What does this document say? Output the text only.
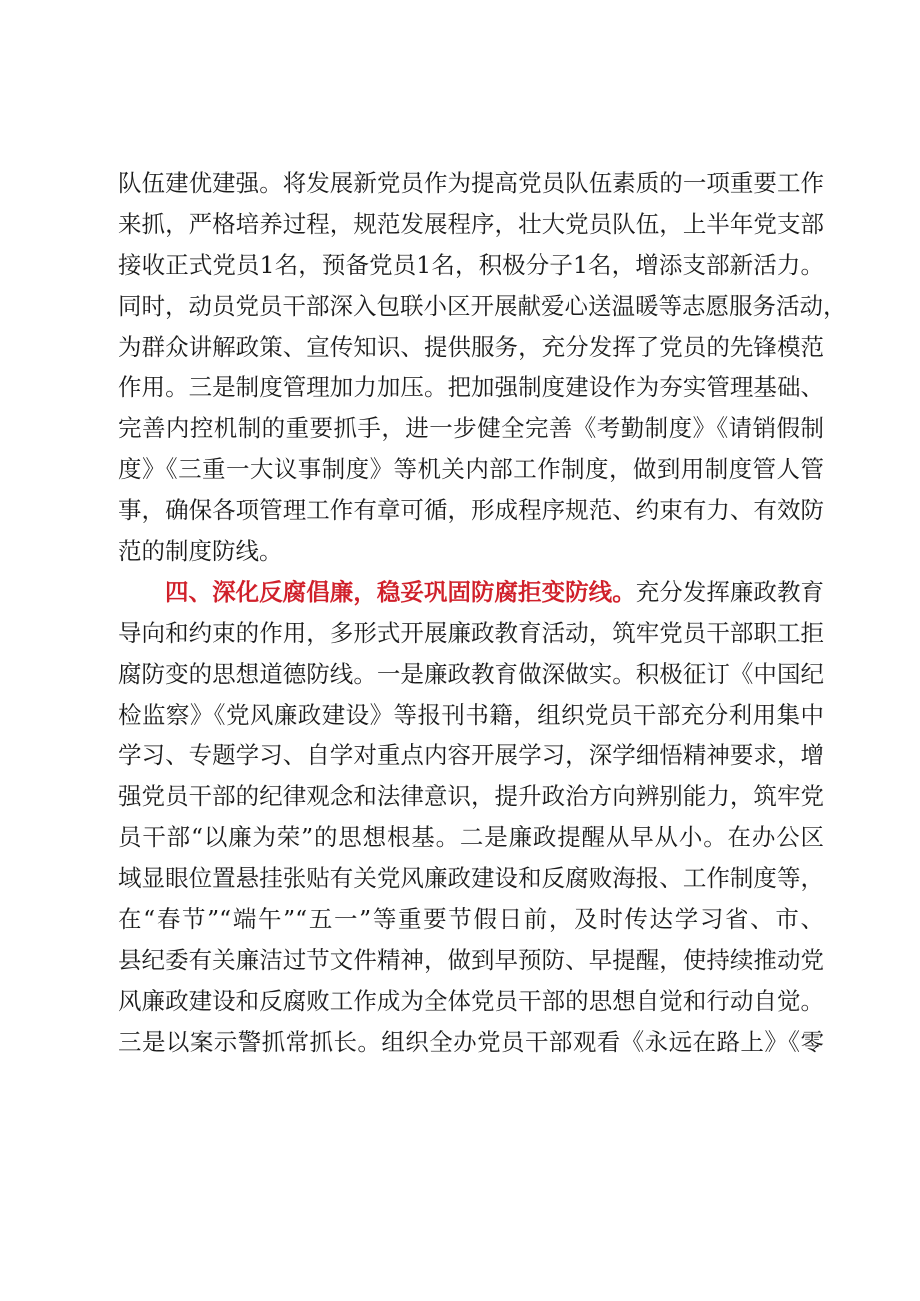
队伍建优建强。将发展新党员作为提高党员队伍素质的一项重要工作
来抓，严格培养过程，规范发展程序，壮大党员队伍，上半年党支部
接收正式党员1名，预备党员1名，积极分子1名，增添支部新活力。
同时，动员党员干部深入包联小区开展献爱心送温暖等志愿服务活动，
为群众讲解政策、宣传知识、提供服务，充分发挥了党员的先锋模范
作用。三是制度管理加力加压。把加强制度建设作为夯实管理基础、
完善内控机制的重要抓手，进一步健全完善《考勤制度》《请销假制
度》《三重一大议事制度》等机关内部工作制度，做到用制度管人管
事，确保各项管理工作有章可循，形成程序规范、约束有力、有效防
范的制度防线。
四、深化反腐倡廉，稳妥巩固防腐拒变防线。充分发挥廉政教育
导向和约束的作用，多形式开展廉政教育活动，筑牢党员干部职工拒
腐防变的思想道德防线。一是廉政教育做深做实。积极征订《中国纪
检监察》《党风廉政建设》等报刊书籍，组织党员干部充分利用集中
学习、专题学习、自学对重点内容开展学习，深学细悟精神要求，增
强党员干部的纪律观念和法律意识，提升政治方向辨别能力，筑牢党
员干部“以廉为荣”的思想根基。二是廉政提醒从早从小。在办公区
域显眼位置悬挂张贴有关党风廉政建设和反腐败海报、工作制度等，
在“春节”“端午”“五一”等重要节假日前，及时传达学习省、市、
县纪委有关廉洁过节文件精神，做到早预防、早提醒，使持续推动党
风廉政建设和反腐败工作成为全体党员干部的思想自觉和行动自觉。
三是以案示警抓常抓长。组织全办党员干部观看《永远在路上》《零
